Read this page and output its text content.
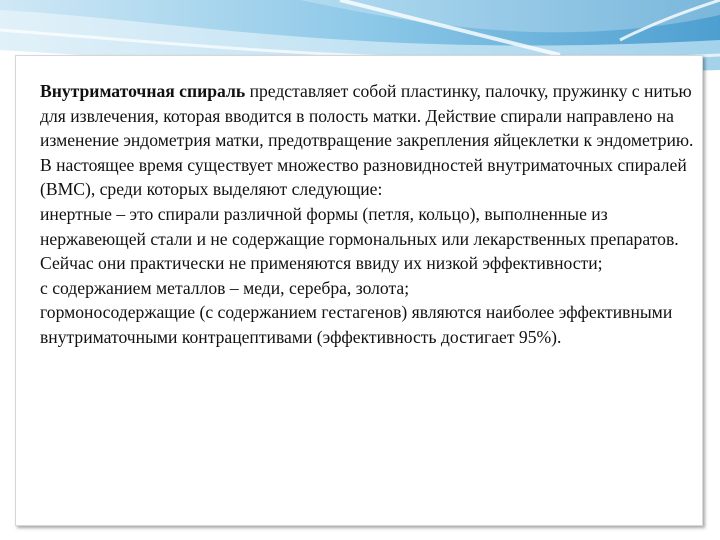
Внутриматочная спираль представляет собой пластинку, палочку, пружинку с нитью для извлечения, которая вводится в полость матки. Действие спирали направлено на изменение эндометрия матки, предотвращение закрепления яйцеклетки к эндометрию.

В настоящее время существует множество разновидностей внутриматочных спиралей (ВМС), среди которых выделяют следующие:

инертные – это спирали различной формы (петля, кольцо), выполненные из нержавеющей стали и не содержащие гормональных или лекарственных препаратов. Сейчас они практически не применяются ввиду их низкой эффективности;

с содержанием металлов – меди, серебра, золота;

гормоносодержащие (с содержанием гестагенов) являются наиболее эффективными внутриматочными контрацептивами (эффективность достигает 95%).
